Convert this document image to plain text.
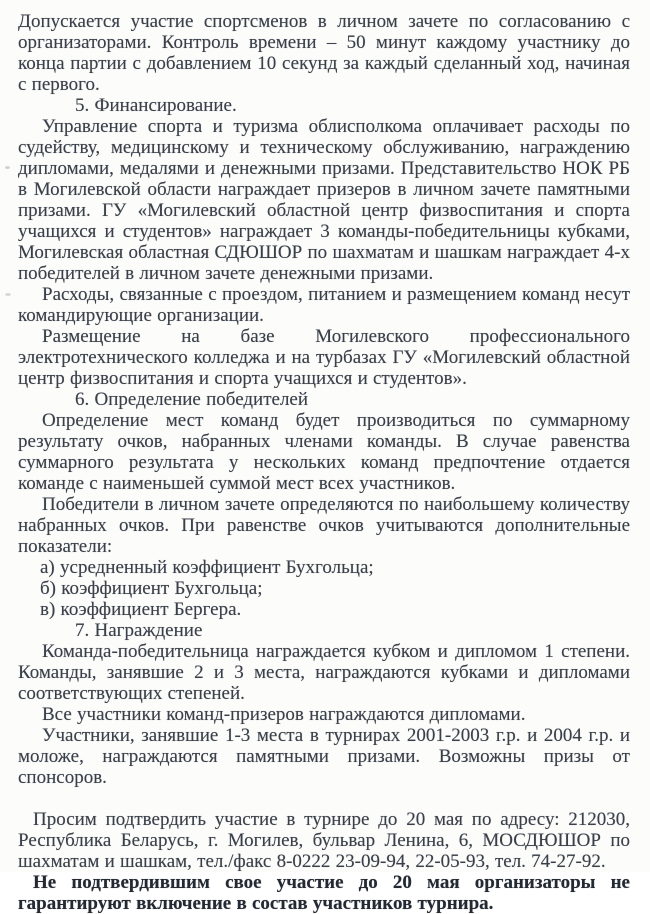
Допускается участие спортсменов в личном зачете по согласованию с организаторами. Контроль времени – 50 минут каждому участнику до конца партии с добавлением 10 секунд за каждый сделанный ход, начиная с первого.

5. Финансирование.

Управление спорта и туризма облисполкома оплачивает расходы по судейству, медицинскому и техническому обслуживанию, награждению дипломами, медалями и денежными призами. Представительство НОК РБ в Могилевской области награждает призеров в личном зачете памятными призами. ГУ «Могилевский областной центр физвоспитания и спорта учащихся и студентов» награждает 3 команды-победительницы кубками, Могилевская областная СДЮШОР по шахматам и шашкам награждает 4-х победителей в личном зачете денежными призами.

Расходы, связанные с проездом, питанием и размещением команд несут командирующие организации.

Размещение на базе Могилевского профессионального электротехнического колледжа и на турбазах ГУ «Могилевский областной центр физвоспитания и спорта учащихся и студентов».

6. Определение победителей

Определение мест команд будет производиться по суммарному результату очков, набранных членами команды. В случае равенства суммарного результата у нескольких команд предпочтение отдается команде с наименьшей суммой мест всех участников.

Победители в личном зачете определяются по наибольшему количеству набранных очков. При равенстве очков учитываются дополнительные показатели:

а) усредненный коэффициент Бухгольца;

б) коэффициент Бухгольца;

в) коэффициент Бергера.

7. Награждение

Команда-победительница награждается кубком и дипломом 1 степени. Команды, занявшие 2 и 3 места, награждаются кубками и дипломами соответствующих степеней.

Все участники команд-призеров награждаются дипломами.

Участники, занявшие 1-3 места в турнирах 2001-2003 г.р. и 2004 г.р. и моложе, награждаются памятными призами. Возможны призы от спонсоров.

Просим подтвердить участие в турнире до 20 мая по адресу: 212030, Республика Беларусь, г. Могилев, бульвар Ленина, 6, МОСДЮШОР по шахматам и шашкам, тел./факс 8-0222 23-09-94, 22-05-93, тел. 74-27-92.

Не подтвердившим свое участие до 20 мая организаторы не гарантируют включение в состав участников турнира.
